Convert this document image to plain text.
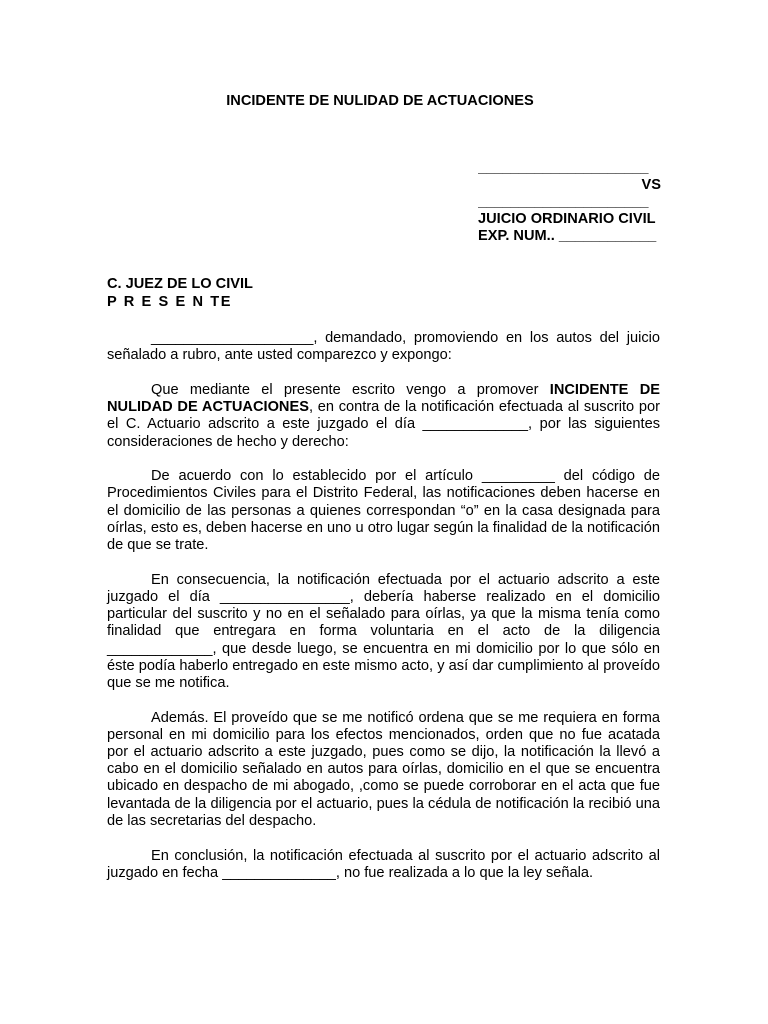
INCIDENTE DE NULIDAD DE ACTUACIONES
_____________________
VS
_____________________
JUICIO ORDINARIO CIVIL
EXP. NUM.. ____________
C. JUEZ DE LO CIVIL
P R E S E N TE

____________________, demandado, promoviendo en los autos del juicio señalado a rubro, ante usted comparezco y expongo:

Que mediante el presente escrito vengo a promover INCIDENTE DE NULIDAD DE ACTUACIONES, en contra de la notificación efectuada al suscrito por el C. Actuario adscrito a este juzgado el día _____________, por las siguientes consideraciones de hecho y derecho:

De acuerdo con lo establecido por el artículo _________ del código de Procedimientos Civiles para el Distrito Federal, las notificaciones deben hacerse en el domicilio de las personas a quienes correspondan “o” en la casa designada para oírlas, esto es, deben hacerse en uno u otro lugar según la finalidad de la notificación de que se trate.

En consecuencia, la notificación efectuada por el actuario adscrito a este juzgado el día ________________, debería haberse realizado en el domicilio particular del suscrito y no en el señalado para oírlas, ya que la misma tenía como finalidad que entregara en forma voluntaria en el acto de la diligencia _____________, que desde luego, se encuentra en mi domicilio por lo que sólo en éste podía haberlo entregado en este mismo acto, y así dar cumplimiento al proveído que se me notifica.

Además. El proveído que se me notificó ordena que se me requiera en forma personal en mi domicilio para los efectos mencionados, orden que no fue acatada por el actuario adscrito a este juzgado, pues como se dijo, la notificación la llevó a cabo en el domicilio señalado en autos para oírlas, domicilio en el que se encuentra ubicado en despacho de mi abogado, ,como se puede corroborar en el acta que fue levantada de la diligencia por el actuario, pues la cédula de notificación la recibió una de las secretarias del despacho.

En conclusión, la notificación efectuada al suscrito por el actuario adscrito al juzgado en fecha ______________, no fue realizada a lo que la ley señala.
